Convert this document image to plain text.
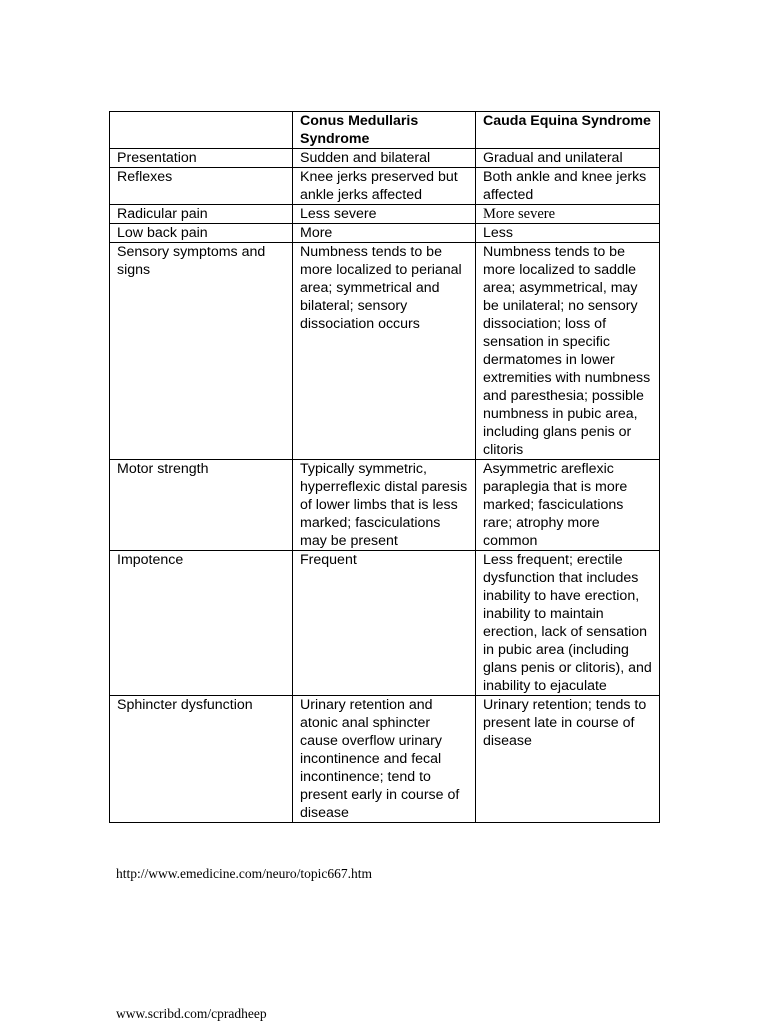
	Conus Medullaris Syndrome	Cauda Equina Syndrome
Presentation	Sudden and bilateral	Gradual and unilateral
Reflexes	Knee jerks preserved but ankle jerks affected	Both ankle and knee jerks affected
Radicular pain	Less severe	More severe
Low back pain	More	Less
Sensory symptoms and signs	Numbness tends to be more localized to perianal area; symmetrical and bilateral; sensory dissociation occurs	Numbness tends to be more localized to saddle area; asymmetrical, may be unilateral; no sensory dissociation; loss of sensation in specific dermatomes in lower extremities with numbness and paresthesia; possible numbness in pubic area, including glans penis or clitoris
Motor strength	Typically symmetric, hyperreflexic distal paresis of lower limbs that is less marked; fasciculations may be present	Asymmetric areflexic paraplegia that is more marked; fasciculations rare; atrophy more common
Impotence	Frequent	Less frequent; erectile dysfunction that includes inability to have erection, inability to maintain erection, lack of sensation in pubic area (including glans penis or clitoris), and inability to ejaculate
Sphincter dysfunction	Urinary retention and atonic anal sphincter cause overflow urinary incontinence and fecal incontinence; tend to present early in course of disease	Urinary retention; tends to present late in course of disease
http://www.emedicine.com/neuro/topic667.htm
www.scribd.com/cpradheep
